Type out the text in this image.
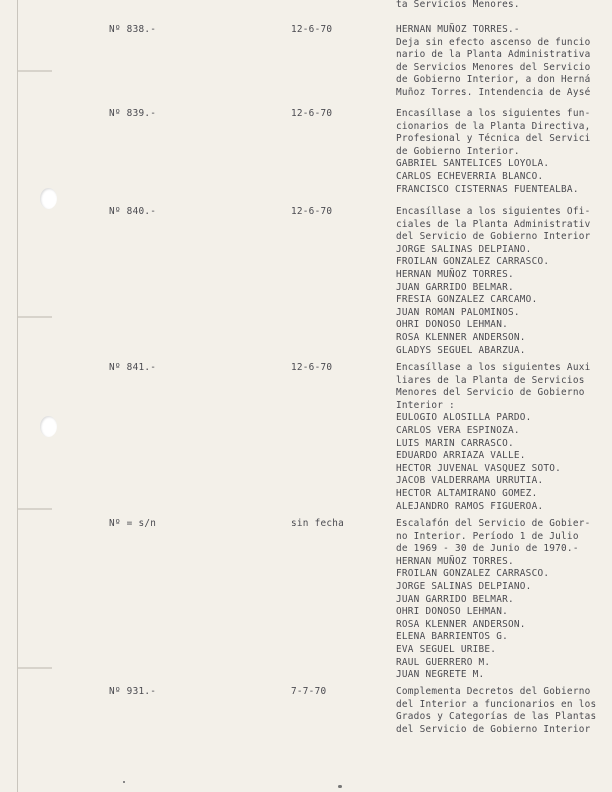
ta Servicios Menores.
Nº 838.-	12-6-70	HERNAN MUÑOZ TORRES.-
Deja sin efecto ascenso de funcio
nario de la Planta Administrativa
de Servicios Menores del Servicio
de Gobierno Interior, a don Herná
Muñoz Torres. Intendencia de Aysé
Nº 839.-	12-6-70	Encasíllase a los siguientes fun-
cionarios de la Planta Directiva,
Profesional y Técnica del Servici
de Gobierno Interior.
GABRIEL SANTELICES LOYOLA.
CARLOS ECHEVERRIA BLANCO.
FRANCISCO CISTERNAS FUENTEALBA.
Nº 840.-	12-6-70	Encasíllase a los siguientes Ofi-
ciales de la Planta Administrativ
del Servicio de Gobierno Interior
JORGE SALINAS DELPIANO.
FROILAN GONZALEZ CARRASCO.
HERNAN MUÑOZ TORRES.
JUAN GARRIDO BELMAR.
FRESIA GONZALEZ CARCAMO.
JUAN ROMAN PALOMINOS.
OHRI DONOSO LEHMAN.
ROSA KLENNER ANDERSON.
GLADYS SEGUEL ABARZUA.
Nº 841.-	12-6-70	Encasíllase a los siguientes Auxi
liares de la Planta de Servicios
Menores del Servicio de Gobierno
Interior :
EULOGIO ALOSILLA PARDO.
CARLOS VERA ESPINOZA.
LUIS MARIN CARRASCO.
EDUARDO ARRIAZA VALLE.
HECTOR JUVENAL VASQUEZ SOTO.
JACOB VALDERRAMA URRUTIA.
HECTOR ALTAMIRANO GOMEZ.
ALEJANDRO RAMOS FIGUEROA.
Nº = s/n	sin fecha	Escalafón del Servicio de Gobier-
no Interior. Período 1 de Julio
de 1969 - 30 de Junio de 1970.-
HERNAN MUÑOZ TORRES.
FROILAN GONZALEZ CARRASCO.
JORGE SALINAS DELPIANO.
JUAN GARRIDO BELMAR.
OHRI DONOSO LEHMAN.
ROSA KLENNER ANDERSON.
ELENA BARRIENTOS G.
EVA SEGUEL URIBE.
RAUL GUERRERO M.
JUAN NEGRETE M.
Nº 931.-	7-7-70	Complementa Decretos del Gobierno
del Interior a funcionarios en los
Grados y Categorías de las Plantas
del Servicio de Gobierno Interior
